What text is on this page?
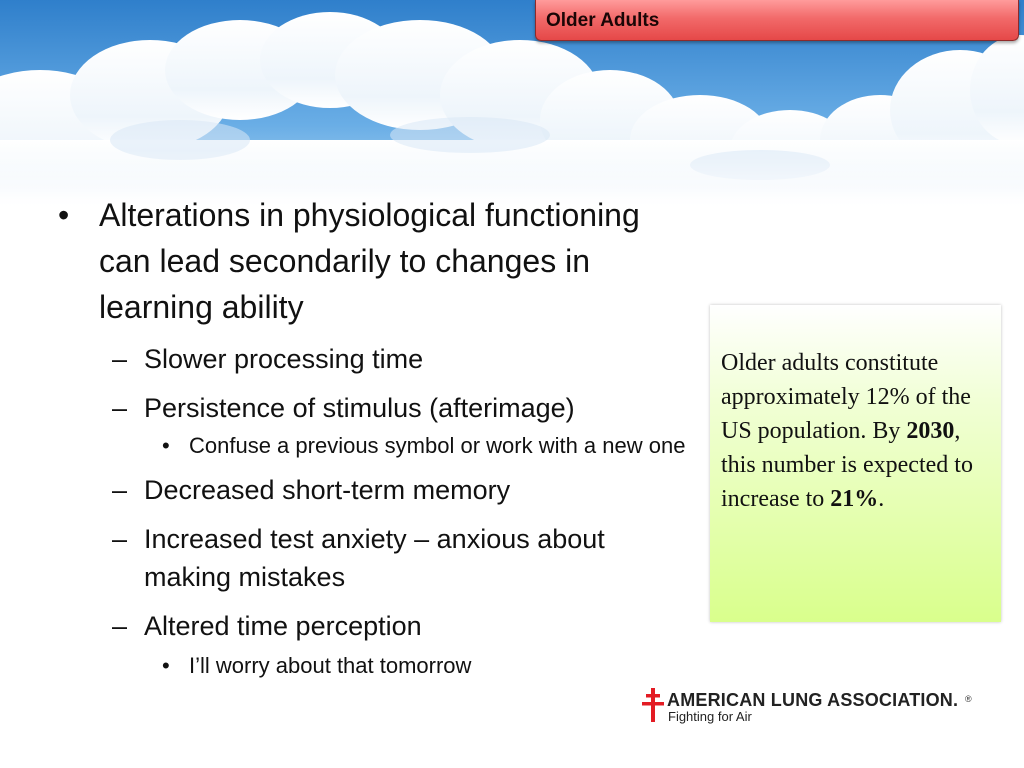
Older Adults
• Alterations in physiological functioning can lead secondarily to changes in learning ability
– Slower processing time
– Persistence of stimulus (afterimage)
• Confuse a previous symbol or work with a new one
– Decreased short-term memory
– Increased test anxiety – anxious about making mistakes
– Altered time perception
• I’ll worry about that tomorrow
Older adults constitute approximately 12% of the US population. By 2030, this number is expected to increase to 21%.
AMERICAN LUNG ASSOCIATION. ®
Fighting for Air
